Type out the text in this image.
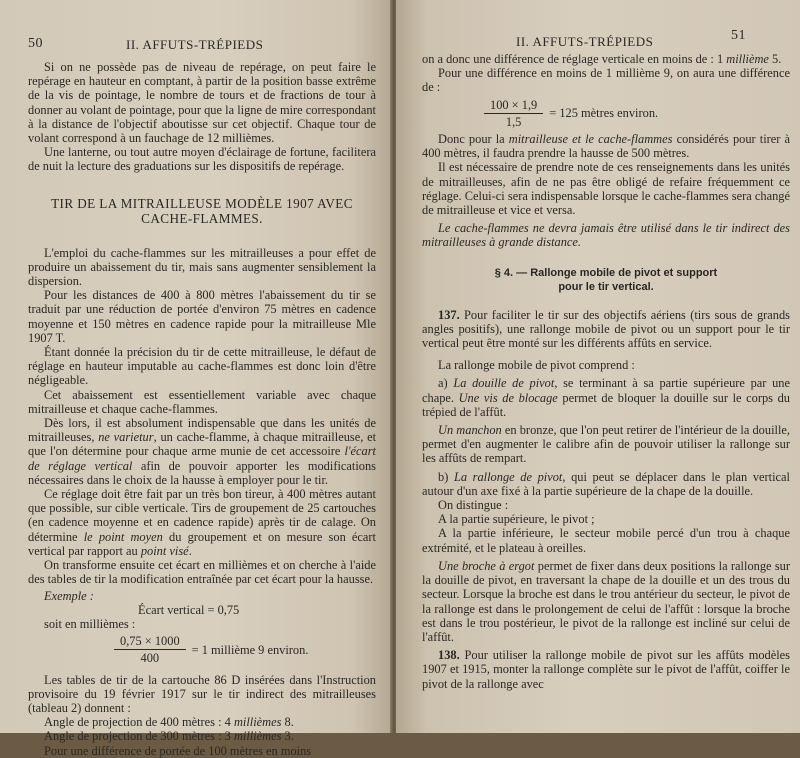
50	II. AFFUTS-TRÉPIEDS

Si on ne possède pas de niveau de repérage, on peut faire le repérage en hauteur en comptant, à partir de la position basse extrême de la vis de pointage, le nombre de tours et de fractions de tour à donner au volant de pointage, pour que la ligne de mire correspondant à la distance de l'objectif aboutisse sur cet objectif. Chaque tour de volant correspond à un fauchage de 12 millièmes.

Une lanterne, ou tout autre moyen d'éclairage de fortune, facilitera de nuit la lecture des graduations sur les dispositifs de repérage.

TIR DE LA MITRAILLEUSE MODÈLE 1907 AVEC
CACHE-FLAMMES.

L'emploi du cache-flammes sur les mitrailleuses a pour effet de produire un abaissement du tir, mais sans augmenter sensiblement la dispersion.

Pour les distances de 400 à 800 mètres l'abaissement du tir se traduit par une réduction de portée d'environ 75 mètres en cadence moyenne et 150 mètres en cadence rapide pour la mitrailleuse Mle 1907 T.

Étant donnée la précision du tir de cette mitrailleuse, le défaut de réglage en hauteur imputable au cache-flammes est donc loin d'être négligeable.

Cet abaissement est essentiellement variable avec chaque mitrailleuse et chaque cache-flammes.

Dès lors, il est absolument indispensable que dans les unités de mitrailleuses, ne varietur, un cache-flamme, à chaque mitrailleuse, et que l'on détermine pour chaque arme munie de cet accessoire l'écart de réglage vertical afin de pouvoir apporter les modifications nécessaires dans le choix de la hausse à employer pour le tir.

Ce réglage doit être fait par un très bon tireur, à 400 mètres autant que possible, sur cible verticale. Tirs de groupement de 25 cartouches (en cadence moyenne et en cadence rapide) après tir de calage. On détermine le point moyen du groupement et on mesure son écart vertical par rapport au point visé.

On transforme ensuite cet écart en millièmes et on cherche à l'aide des tables de tir la modification entraînée par cet écart pour la hausse.

Exemple :

Écart vertical = 0,75

soit en millièmes :

$\frac{0,75 \times 1000}{400} = 1$ millième 9 environ.

Les tables de tir de la cartouche 86 D insérées dans l'Instruction provisoire du 19 février 1917 sur le tir indirect des mitrailleuses (tableau 2) donnent :

Angle de projection de 400 mètres : 4 millièmes 8.

Angle de projection de 300 mètres : 3 millièmes 3.

Pour une différence de portée de 100 mètres en moins

II. AFFUTS-TRÉPIEDS	51

on a donc une différence de réglage verticale en moins de : 1 millième 5.

Pour une différence en moins de 1 millième 9, on aura une différence de :

$\frac{100 \times 1,9}{1,5} = 125$ mètres environ.

Donc pour la mitrailleuse et le cache-flammes considérés pour tirer à 400 mètres, il faudra prendre la hausse de 500 mètres.

Il est nécessaire de prendre note de ces renseignements dans les unités de mitrailleuses, afin de ne pas être obligé de refaire fréquemment ce réglage. Celui-ci sera indispensable lorsque le cache-flammes sera changé de mitrailleuse et vice et versa.

Le cache-flammes ne devra jamais être utilisé dans le tir indirect des mitrailleuses à grande distance.

§ 4. — Rallonge mobile de pivot et support
pour le tir vertical.

137. Pour faciliter le tir sur des objectifs aériens (tirs sous de grands angles positifs), une rallonge mobile de pivot ou un support pour le tir vertical peut être monté sur les différents affûts en service.

La rallonge mobile de pivot comprend :

a) La douille de pivot, se terminant à sa partie supérieure par une chape. Une vis de blocage permet de bloquer la douille sur le corps du trépied de l'affût.

Un manchon en bronze, que l'on peut retirer de l'intérieur de la douille, permet d'en augmenter le calibre afin de pouvoir utiliser la rallonge sur les affûts de rempart.

b) La rallonge de pivot, qui peut se déplacer dans le plan vertical autour d'un axe fixé à la partie supérieure de la chape de la douille.

On distingue :

A la partie supérieure, le pivot ;

A la partie inférieure, le secteur mobile percé d'un trou à chaque extrémité, et le plateau à oreilles.

Une broche à ergot permet de fixer dans deux positions la rallonge sur la douille de pivot, en traversant la chape de la douille et un des trous du secteur. Lorsque la broche est dans le trou antérieur du secteur, le pivot de la rallonge est dans le prolongement de celui de l'affût : lorsque la broche est dans le trou postérieur, le pivot de la rallonge est incliné sur celui de l'affût.

138. Pour utiliser la rallonge mobile de pivot sur les affûts modèles 1907 et 1915, monter la rallonge complète sur le pivot de l'affût, coiffer le pivot de la rallonge avec
